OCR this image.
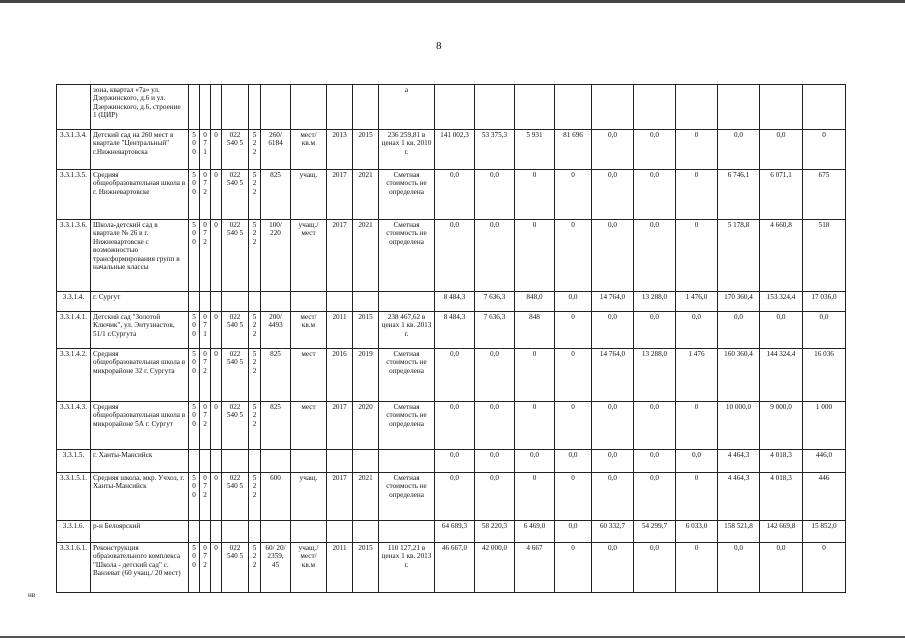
8
	зона, квартал «7а» ул. Дзержинского, д.6 и ул. Дзержинского, д.6, строение 1 (ЦИР)										а												
3.3.1.3.4.	Детский сад на 260 мест в квартале "Центральный" г.Нижневартовска	5 0 0	0 7 1	0	022 540 5	5 2 2	260/ 6184	мест/ кв.м	2013	2015	236 259,81 в ценах 1 кв. 2010 г.	141 002,3	53 375,3	5 931	81 696	0,0	0,0	0	0,0	0,0	0	
3.3.1.3.5.	Средняя общеобразовательная школа в г. Нижневартовске	5 0 0	0 7 2	0	022 540 5	5 2 2	825	учащ.	2017	2021	Сметная стоимость не определена	0,0	0,0	0	0	0,0	0,0	0	6 746,1	6 071,1	675	
3.3.1.3.6.	Школа-детский сад в квартале № 26 в г. Нижневартовске с возможностью трансформирования групп в начальные классы	5 0 0	0 7 2	0	022 540 5	5 2 2	100/ 220	учащ./ мест	2017	2021	Сметная стоимость не определена	0,0	0,0	0	0	0,0	0,0	0	5 178,8	4 660,8	518	
3.3.1.4.	г. Сургут											8 484,3	7 636,3	848,0	0,0	14 764,0	13 288,0	1 476,0	170 360,4	153 324,4	17 036,0	
3.3.1.4.1.	Детский сад "Золотой Ключик", ул. Энтузиастов, 51/1 г.Сургута	5 0 0	0 7 1	0	022 540 5	5 2 2	200/ 4493	мест/ кв.м	2011	2015	238 467,62 в ценах 1 кв. 2013 г.	8 484,3	7 636,3	848	0	0,0	0,0	0,0	0,0	0,0	0,0	
3.3.1.4.2.	Средняя общеобразовательная школа в микрорайоне 32 г. Сургута	5 0 0	0 7 2	0	022 540 5	5 2 2	825	мест	2016	2019	Сметная стоимость не определена	0,0	0,0	0	0	14 764,0	13 288,0	1 476	160 360,4	144 324,4	16 036	
3.3.1.4.3.	Средняя общеобразовательная школа в микрорайоне 5А г. Сургут	5 0 0	0 7 2	0	022 540 5	5 2 2	825	мест	2017	2020	Сметная стоимость не определена	0,0	0,0	0	0	0,0	0,0	0	10 000,0	9 000,0	1 000	
3.3.1.5.	г. Ханты-Мансийск											0,0	0,0	0,0	0,0	0,0	0,0	0,0	4 464,3	4 018,3	446,0	
3.3.1.5.1.	Средняя школа, мкр. Учхоз, г. Ханты-Мансийск	5 0 0	0 7 2	0	022 540 5	5 2 2	600	учащ.	2017	2021	Сметная стоимость не определена	0,0	0,0	0	0	0,0	0,0	0	4 464,3	4 018,3	446	
3.3.1.6.	р-н Белоярский											64 689,3	58 220,3	6 469,0	0,0	60 332,7	54 299,7	6 033,0	158 521,8	142 669,8	15 852,0	
3.3.1.6.1.	Реконструкция образовательного комплекса "Школа - детский сад" с. Ванзеват (60 учащ./ 20 мест)	5 0 0	0 7 2	0	022 540 5	5 2 2	60/ 20/ 2359, 45	учащ./ мест/ кв.м	2011	2015	110 127,21 в ценах 1 кв. 2013 г.	46 667,0	42 000,0	4 667	0	0,0	0,0	0	0,0	0,0	0	
нв
